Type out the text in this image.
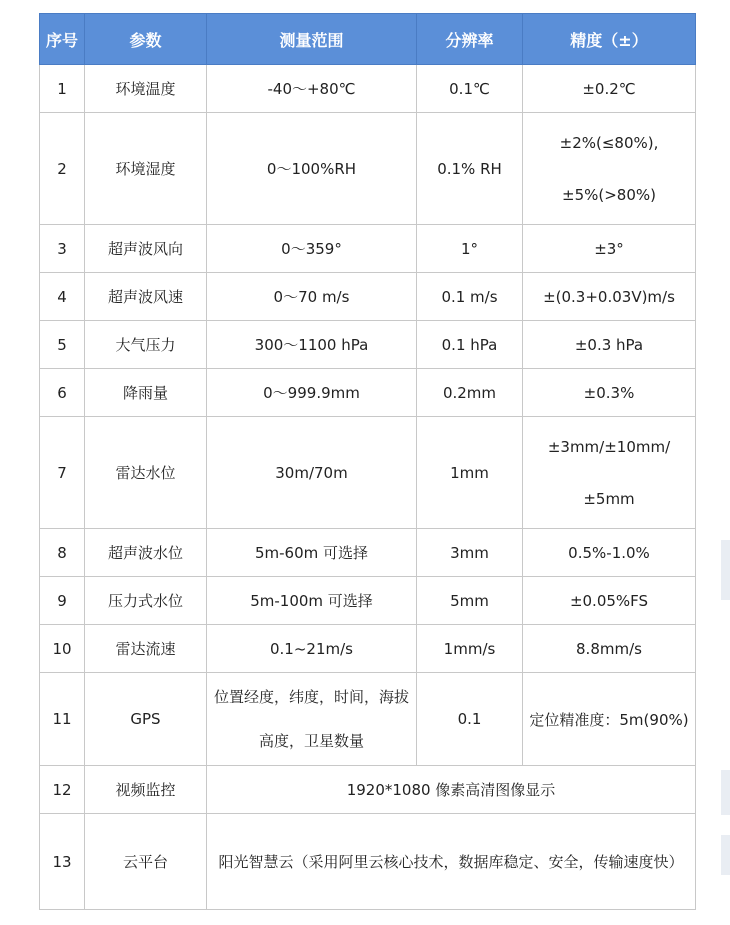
序号	参数	测量范围	分辨率	精度（±）
1	环境温度	-40～+80℃	0.1℃	±0.2℃
2	环境湿度	0～100%RH	0.1% RH	±2%(≤80%),
±5%(>80%)

3	超声波风向	0～359°	1°	±3°
4	超声波风速	0～70 m/s	0.1 m/s	±(0.3+0.03V)m/s
5	大气压力	300～1100 hPa	0.1 hPa	±0.3 hPa
6	降雨量	0～999.9mm	0.2mm	±0.3%
7	雷达水位	30m/70m	1mm	±3mm/±10mm/
±5mm

8	超声波水位	5m-60m 可选择	3mm	0.5%-1.0%
9	压力式水位	5m-100m 可选择	5mm	±0.05%FS
10	雷达流速	0.1~21m/s	1mm/s	8.8mm/s
11	GPS	位置经度，纬度，时间，海拔高度，卫星数量	0.1	定位精准度：5m(90%)
12	视频监控	1920*1080 像素高清图像显示		
13	云平台	阳光智慧云（采用阿里云核心技术，数据库稳定、安全，传输速度快）		
